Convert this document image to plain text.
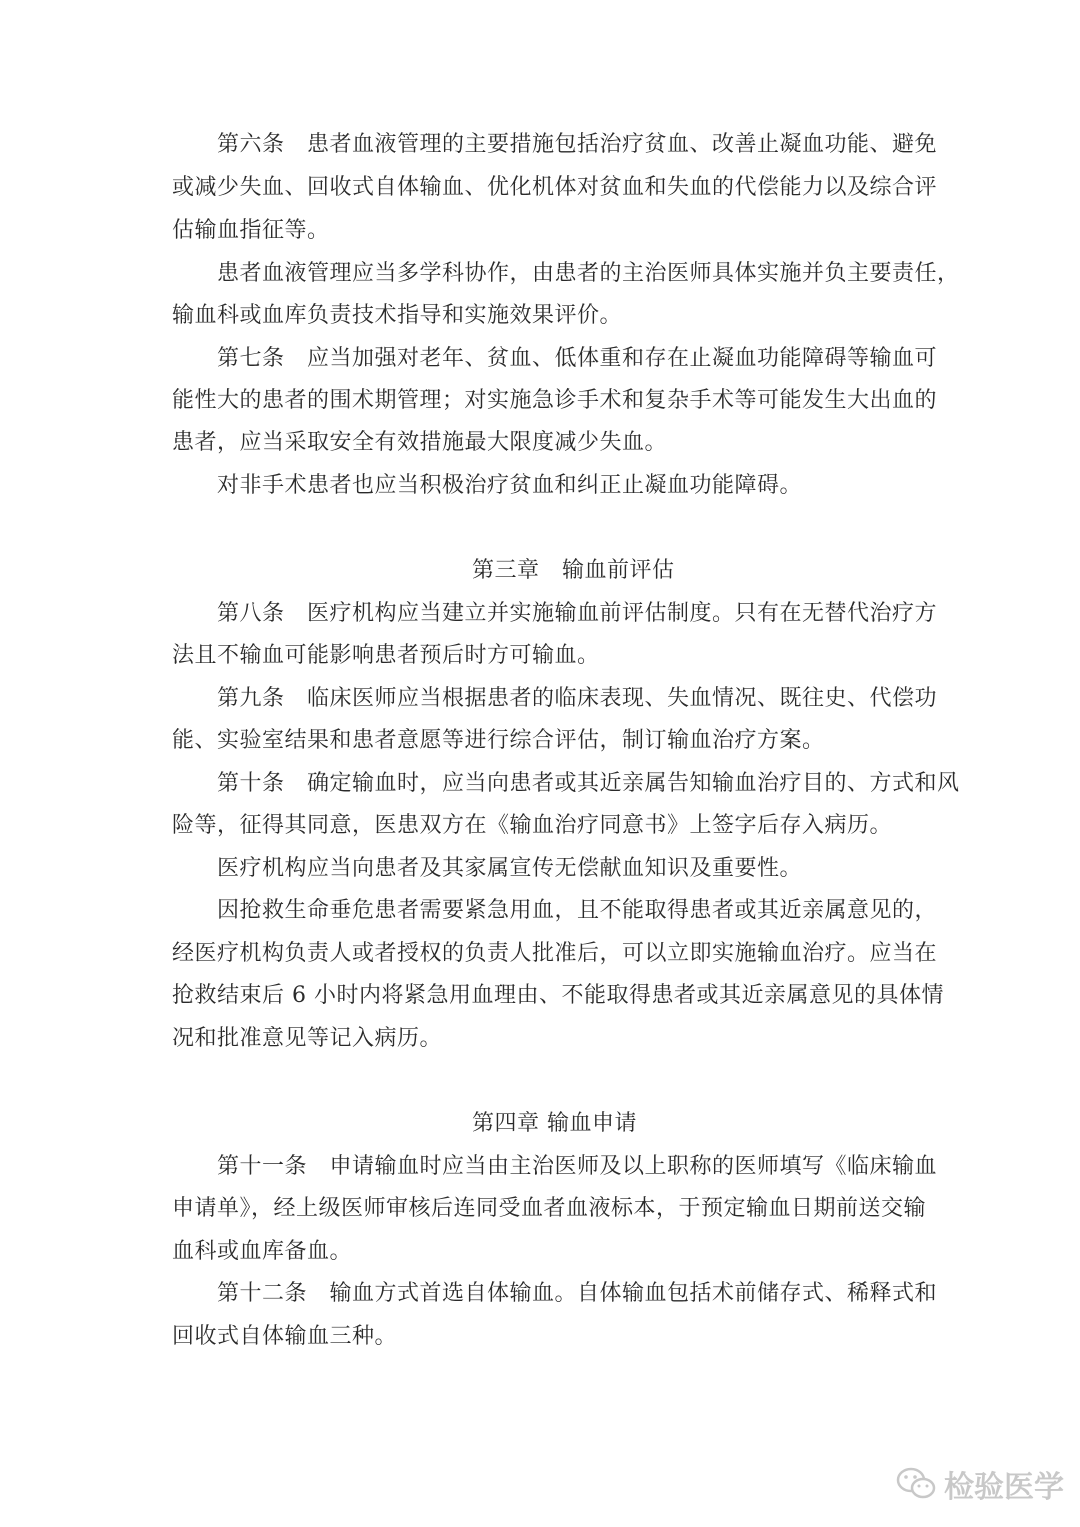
第六条　患者血液管理的主要措施包括治疗贫血、改善止凝血功能、避免

或减少失血、回收式自体输血、优化机体对贫血和失血的代偿能力以及综合评

估输血指征等。

患者血液管理应当多学科协作，由患者的主治医师具体实施并负主要责任，

输血科或血库负责技术指导和实施效果评价。

第七条　应当加强对老年、贫血、低体重和存在止凝血功能障碍等输血可

能性大的患者的围术期管理；对实施急诊手术和复杂手术等可能发生大出血的

患者，应当采取安全有效措施最大限度减少失血。

对非手术患者也应当积极治疗贫血和纠正止凝血功能障碍。

第三章　输血前评估

第八条　医疗机构应当建立并实施输血前评估制度。只有在无替代治疗方

法且不输血可能影响患者预后时方可输血。

第九条　临床医师应当根据患者的临床表现、失血情况、既往史、代偿功

能、实验室结果和患者意愿等进行综合评估，制订输血治疗方案。

第十条　确定输血时，应当向患者或其近亲属告知输血治疗目的、方式和风

险等，征得其同意，医患双方在《输血治疗同意书》上签字后存入病历。

医疗机构应当向患者及其家属宣传无偿献血知识及重要性。

因抢救生命垂危患者需要紧急用血，且不能取得患者或其近亲属意见的，

经医疗机构负责人或者授权的负责人批准后，可以立即实施输血治疗。应当在

抢救结束后 6 小时内将紧急用血理由、不能取得患者或其近亲属意见的具体情

况和批准意见等记入病历。

第四章 输血申请

第十一条　申请输血时应当由主治医师及以上职称的医师填写《临床输血

申请单》，经上级医师审核后连同受血者血液标本，于预定输血日期前送交输

血科或血库备血。

第十二条　输血方式首选自体输血。自体输血包括术前储存式、稀释式和

回收式自体输血三种。

检验医学
